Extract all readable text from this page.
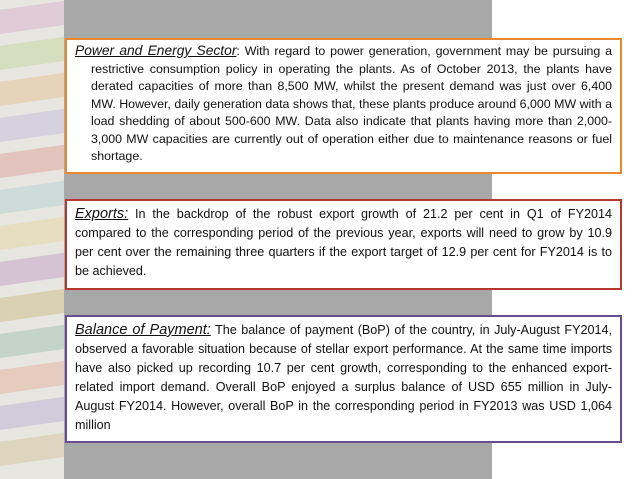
Power and Energy Sector: With regard to power generation, government may be pursuing a restrictive consumption policy in operating the plants. As of October 2013, the plants have derated capacities of more than 8,500 MW, whilst the present demand was just over 6,400 MW. However, daily generation data shows that, these plants produce around 6,000 MW with a load shedding of about 500-600 MW. Data also indicate that plants having more than 2,000-3,000 MW capacities are currently out of operation either due to maintenance reasons or fuel shortage.

Exports: In the backdrop of the robust export growth of 21.2 per cent in Q1 of FY2014 compared to the corresponding period of the previous year, exports will need to grow by 10.9 per cent over the remaining three quarters if the export target of 12.9 per cent for FY2014 is to be achieved.

Balance of Payment: The balance of payment (BoP) of the country, in July-August FY2014, observed a favorable situation because of stellar export performance. At the same time imports have also picked up recording 10.7 per cent growth, corresponding to the enhanced export-related import demand. Overall BoP enjoyed a surplus balance of USD 655 million in July-August FY2014. However, overall BoP in the corresponding period in FY2013 was USD 1,064 million
